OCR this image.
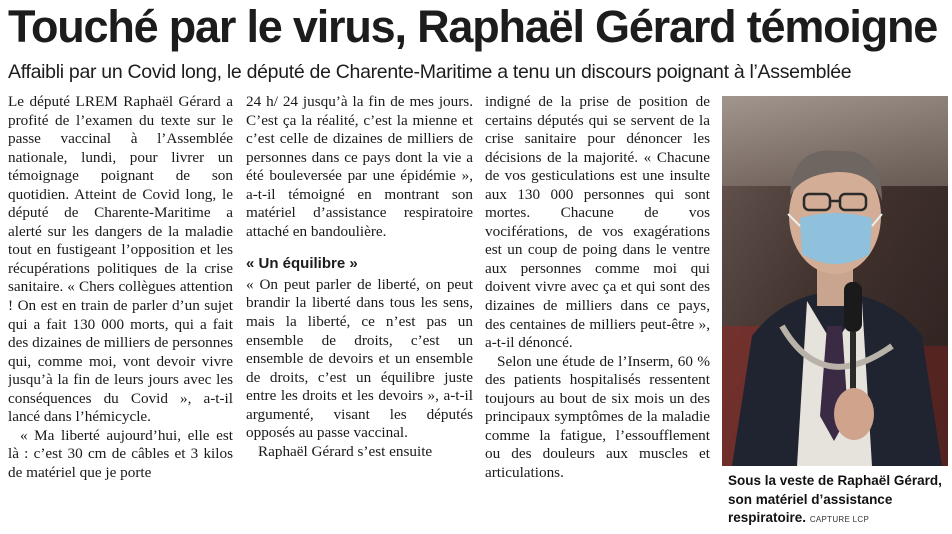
Touché par le virus, Raphaël Gérard témoigne
Affaibli par un Covid long, le député de Charente-Maritime a tenu un discours poignant à l’Assemblée

Le député LREM Raphaël Gérard a profité de l’examen du texte sur le passe vaccinal à l’Assemblée nationale, lundi, pour livrer un témoignage poignant de son quotidien. Atteint de Covid long, le député de Charente-Maritime a alerté sur les dangers de la maladie tout en fustigeant l’opposition et les récupérations politiques de la crise sanitaire. « Chers collègues attention ! On est en train de parler d’un sujet qui a fait 130 000 morts, qui a fait des dizaines de milliers de personnes qui, comme moi, vont devoir vivre jusqu’à la fin de leurs jours avec les conséquences du Covid », a-t-il lancé dans l’hémicycle.

« Ma liberté aujourd’hui, elle est là : c’est 30 cm de câbles et 3 kilos de matériel que je porte

24 h/ 24 jusqu’à la fin de mes jours. C’est ça la réalité, c’est la mienne et c’est celle de dizaines de milliers de personnes dans ce pays dont la vie a été bouleversée par une épidémie », a-t-il témoigné en montrant son matériel d’assistance respiratoire attaché en bandoulière.

« Un équilibre »

« On peut parler de liberté, on peut brandir la liberté dans tous les sens, mais la liberté, ce n’est pas un ensemble de droits, c’est un ensemble de devoirs et un ensemble de droits, c’est un équilibre juste entre les droits et les devoirs », a-t-il argumenté, visant les députés opposés au passe vaccinal.

Raphaël Gérard s’est ensuite

indigné de la prise de position de certains députés qui se servent de la crise sanitaire pour dénoncer les décisions de la majorité. « Chacune de vos gesticulations est une insulte aux 130 000 personnes qui sont mortes. Chacune de vos vociférations, de vos exagérations est un coup de poing dans le ventre aux personnes comme moi qui doivent vivre avec ça et qui sont des dizaines de milliers dans ce pays, des centaines de milliers peut-être », a-t-il dénoncé.

Selon une étude de l’Inserm, 60 % des patients hospitalisés ressentent toujours au bout de six mois un des principaux symptômes de la maladie comme la fatigue, l’essoufflement ou des douleurs aux muscles et articulations.	Sous la veste de Raphaël Gérard, son matériel d’assistance respiratoire. CAPTURE LCP
